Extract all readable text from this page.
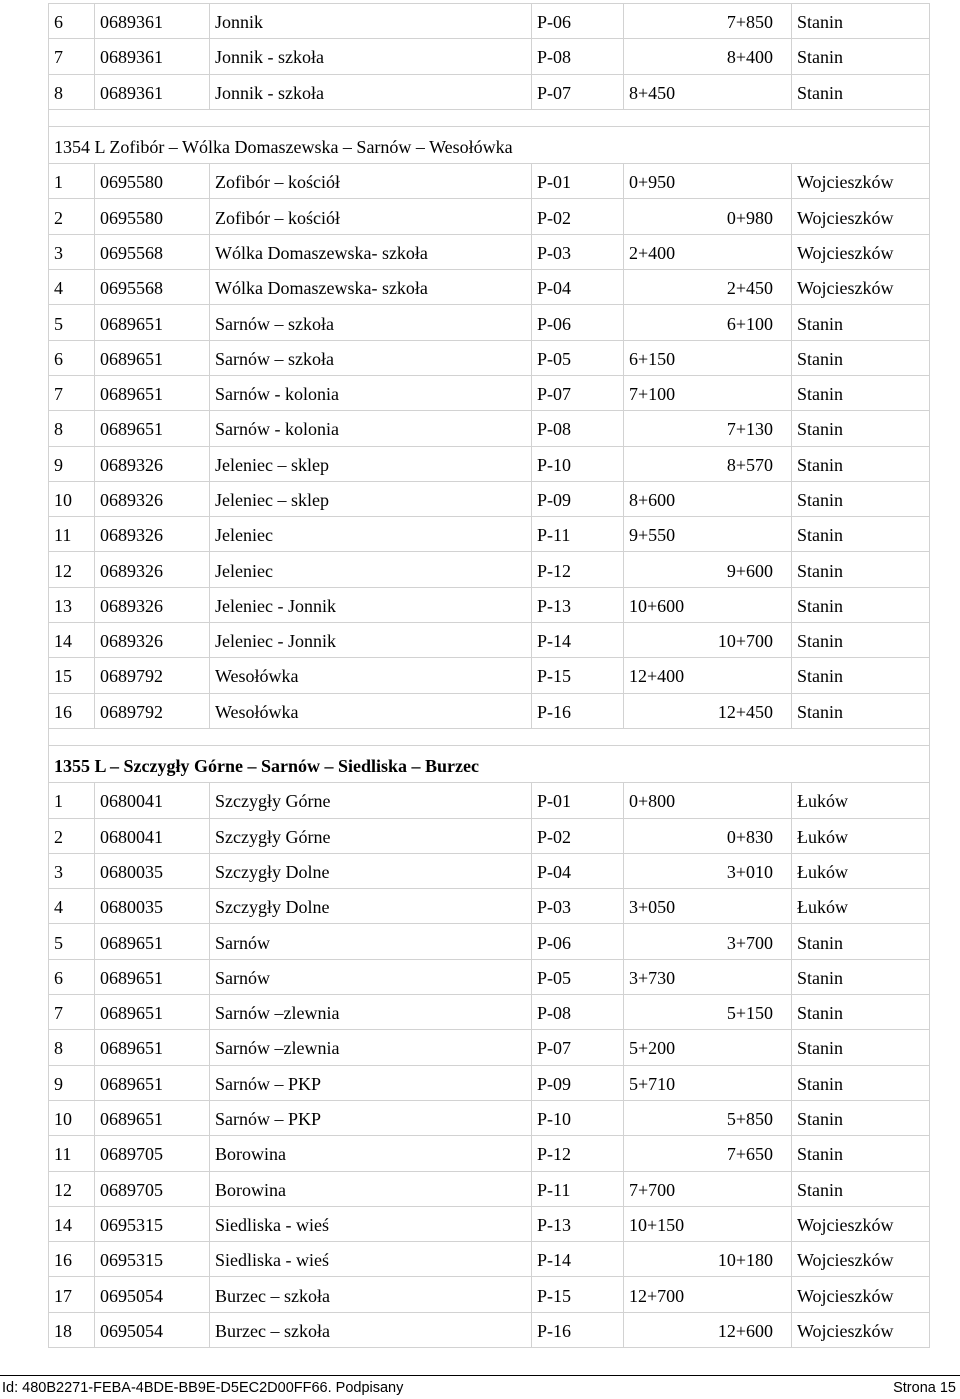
6	0689361	Jonnik	P-06	7+850	Stanin
7	0689361	Jonnik - szkoła	P-08	8+400	Stanin
8	0689361	Jonnik - szkoła	P-07	8+450	Stanin

1354 L Zofibór – Wólka Domaszewska – Sarnów – Wesołówka					
1	0695580	Zofibór – kościół	P-01	0+950	Wojcieszków
2	0695580	Zofibór – kościół	P-02	0+980	Wojcieszków
3	0695568	Wólka Domaszewska- szkoła	P-03	2+400	Wojcieszków
4	0695568	Wólka Domaszewska- szkoła	P-04	2+450	Wojcieszków
5	0689651	Sarnów – szkoła	P-06	6+100	Stanin
6	0689651	Sarnów – szkoła	P-05	6+150	Stanin
7	0689651	Sarnów - kolonia	P-07	7+100	Stanin
8	0689651	Sarnów - kolonia	P-08	7+130	Stanin
9	0689326	Jeleniec – sklep	P-10	8+570	Stanin
10	0689326	Jeleniec – sklep	P-09	8+600	Stanin
11	0689326	Jeleniec	P-11	9+550	Stanin
12	0689326	Jeleniec	P-12	9+600	Stanin
13	0689326	Jeleniec - Jonnik	P-13	10+600	Stanin
14	0689326	Jeleniec - Jonnik	P-14	10+700	Stanin
15	0689792	Wesołówka	P-15	12+400	Stanin
16	0689792	Wesołówka	P-16	12+450	Stanin

1355 L – Szczygły Górne – Sarnów – Siedliska – Burzec					
1	0680041	Szczygły Górne	P-01	0+800	Łuków
2	0680041	Szczygły Górne	P-02	0+830	Łuków
3	0680035	Szczygły Dolne	P-04	3+010	Łuków
4	0680035	Szczygły Dolne	P-03	3+050	Łuków
5	0689651	Sarnów	P-06	3+700	Stanin
6	0689651	Sarnów	P-05	3+730	Stanin
7	0689651	Sarnów –zlewnia	P-08	5+150	Stanin
8	0689651	Sarnów –zlewnia	P-07	5+200	Stanin
9	0689651	Sarnów – PKP	P-09	5+710	Stanin
10	0689651	Sarnów – PKP	P-10	5+850	Stanin
11	0689705	Borowina	P-12	7+650	Stanin
12	0689705	Borowina	P-11	7+700	Stanin
14	0695315	Siedliska - wieś	P-13	10+150	Wojcieszków
16	0695315	Siedliska - wieś	P-14	10+180	Wojcieszków
17	0695054	Burzec – szkoła	P-15	12+700	Wojcieszków
18	0695054	Burzec – szkoła	P-16	12+600	Wojcieszków
Id: 480B2271-FEBA-4BDE-BB9E-D5EC2D00FF66. Podpisany	Strona 15
